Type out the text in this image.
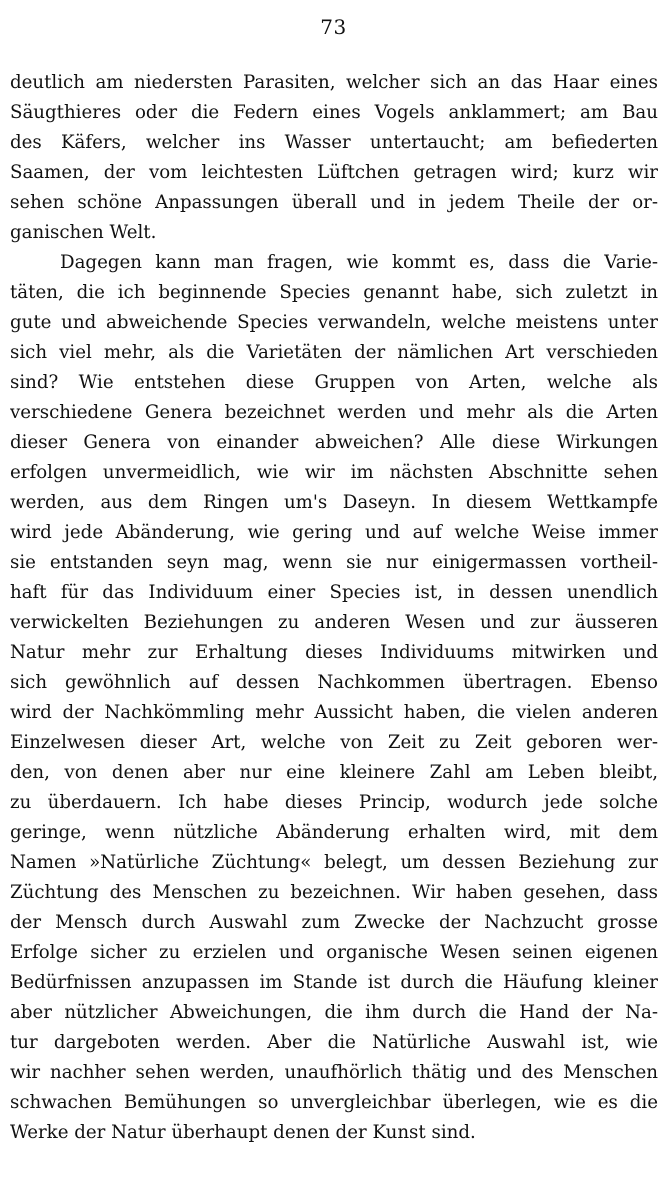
73
deutlich am niedersten Parasiten, welcher sich an das Haar eines
Säugthieres oder die Federn eines Vogels anklammert; am Bau
des Käfers, welcher ins Wasser untertaucht; am befiederten
Saamen, der vom leichtesten Lüftchen getragen wird; kurz wir
sehen schöne Anpassungen überall und in jedem Theile der or-
ganischen Welt.
Dagegen kann man fragen, wie kommt es, dass die Varie-
täten, die ich beginnende Species genannt habe, sich zuletzt in
gute und abweichende Species verwandeln, welche meistens unter
sich viel mehr, als die Varietäten der nämlichen Art verschieden
sind? Wie entstehen diese Gruppen von Arten, welche als
verschiedene Genera bezeichnet werden und mehr als die Arten
dieser Genera von einander abweichen? Alle diese Wirkungen
erfolgen unvermeidlich, wie wir im nächsten Abschnitte sehen
werden, aus dem Ringen um's Daseyn. In diesem Wettkampfe
wird jede Abänderung, wie gering und auf welche Weise immer
sie entstanden seyn mag, wenn sie nur einigermassen vortheil-
haft für das Individuum einer Species ist, in dessen unendlich
verwickelten Beziehungen zu anderen Wesen und zur äusseren
Natur mehr zur Erhaltung dieses Individuums mitwirken und
sich gewöhnlich auf dessen Nachkommen übertragen. Ebenso
wird der Nachkömmling mehr Aussicht haben, die vielen anderen
Einzelwesen dieser Art, welche von Zeit zu Zeit geboren wer-
den, von denen aber nur eine kleinere Zahl am Leben bleibt,
zu überdauern. Ich habe dieses Princip, wodurch jede solche
geringe, wenn nützliche Abänderung erhalten wird, mit dem
Namen »Natürliche Züchtung« belegt, um dessen Beziehung zur
Züchtung des Menschen zu bezeichnen. Wir haben gesehen, dass
der Mensch durch Auswahl zum Zwecke der Nachzucht grosse
Erfolge sicher zu erzielen und organische Wesen seinen eigenen
Bedürfnissen anzupassen im Stande ist durch die Häufung kleiner
aber nützlicher Abweichungen, die ihm durch die Hand der Na-
tur dargeboten werden. Aber die Natürliche Auswahl ist, wie
wir nachher sehen werden, unaufhörlich thätig und des Menschen
schwachen Bemühungen so unvergleichbar überlegen, wie es die
Werke der Natur überhaupt denen der Kunst sind.
